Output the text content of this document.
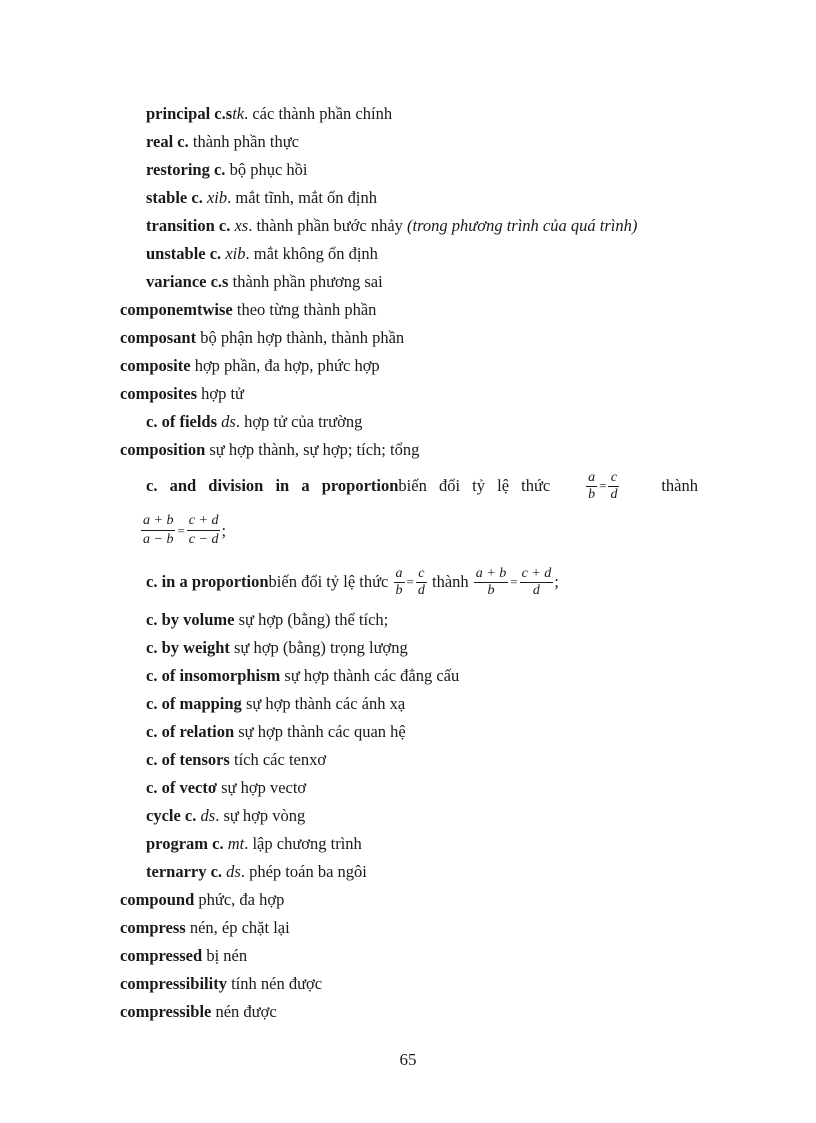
principal c.stk. các thành phần chính
real c. thành phần thực
restoring c. bộ phục hồi
stable c. xib. mắt tĩnh, mắt ổn định
transition c. xs. thành phần bước nhảy (trong phương trình của quá trình)
unstable c. xib. mắt không ổn định
variance c.s thành phần phương sai
componemtwise theo từng thành phần
composant bộ phận hợp thành, thành phần
composite hợp phần, đa hợp, phức hợp
composites hợp tử
c. of fields ds. hợp tử của trường
composition sự hợp thành, sự hợp; tích; tổng
c. and division in a proportionbiến đổi tỷ lệ thức	$\frac{a}{b} = \frac{c}{d}$	thành
$\frac{a + b}{a - b} = \frac{c + d}{c - d}$ ;
c. in a proportion biến đổi tỷ lệ thức
$\frac{a}{b} = \frac{c}{d}$
thành
$\frac{a + b}{b} = \frac{c + d}{d}$ ;
c. by volume sự hợp (bằng) thể tích;
c. by weight sự hợp (bằng) trọng lượng
c. of insomorphism sự hợp thành các đẳng cấu
c. of mapping sự hợp thành các ánh xạ
c. of relation sự hợp thành các quan hệ
c. of tensors tích các tenxơ
c. of vectơ sự hợp vectơ
cycle c. ds. sự hợp vòng
program c. mt. lập chương trình
ternarry c. ds. phép toán ba ngôi
compound phức, đa hợp
compress nén, ép chặt lại
compressed bị nén
compressibility tính nén được
compressible nén được
65
